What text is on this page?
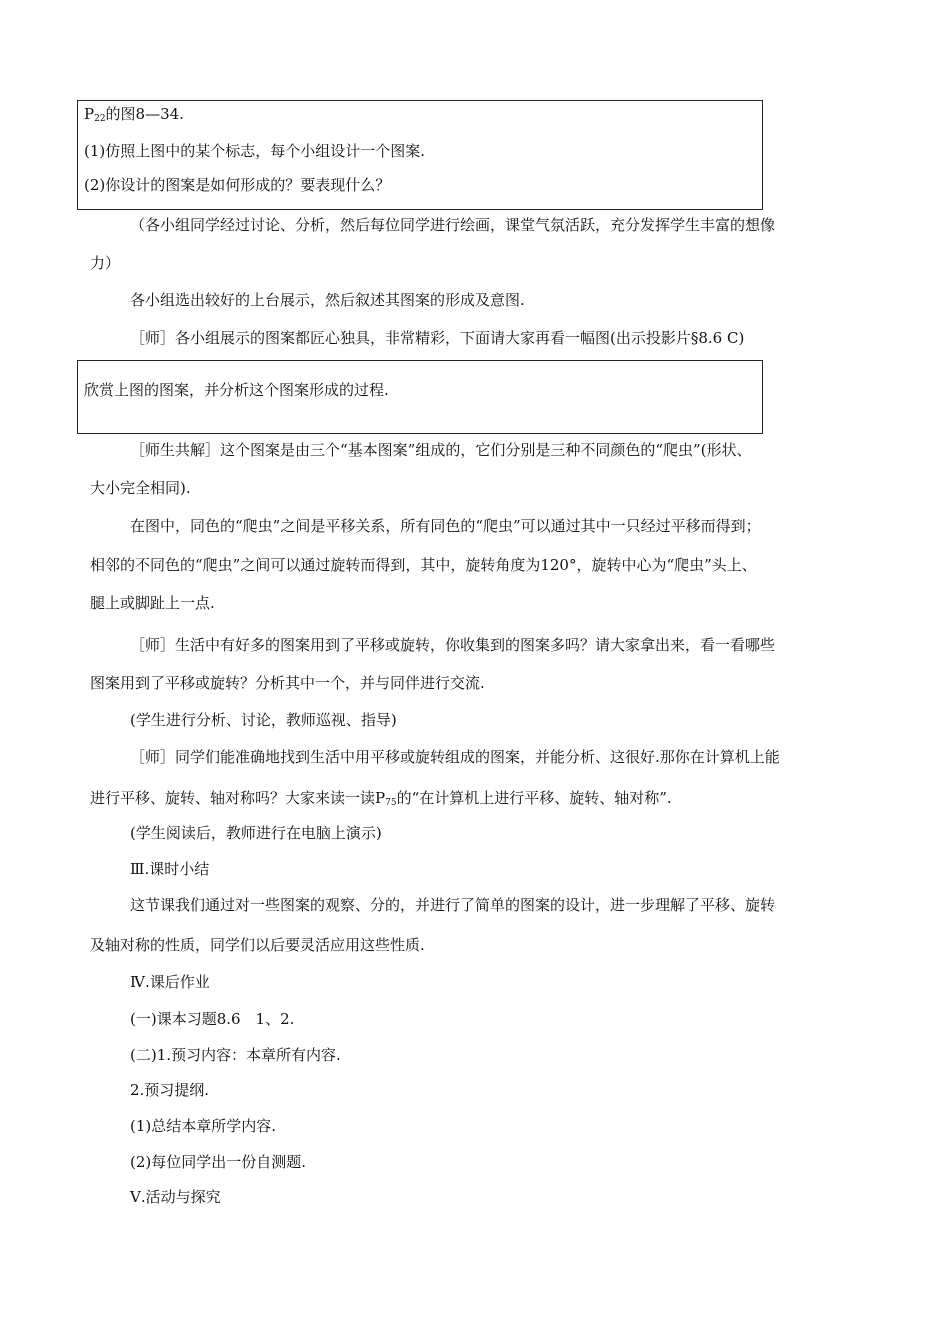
$P_{22}$的图8—34.
(1)仿照上图中的某个标志，每个小组设计一个图案.
(2)你设计的图案是如何形成的？要表现什么？
（各小组同学经过讨论、分析，然后每位同学进行绘画，课堂气氛活跃，充分发挥学生丰富的想像
力）
各小组选出较好的上台展示，然后叙述其图案的形成及意图.
［师］各小组展示的图案都匠心独具，非常精彩，下面请大家再看一幅图(出示投影片§8.6 C)
欣赏上图的图案，并分析这个图案形成的过程.
［师生共解］这个图案是由三个“基本图案”组成的，它们分别是三种不同颜色的“爬虫”(形状、
大小完全相同).
在图中，同色的“爬虫”之间是平移关系，所有同色的“爬虫”可以通过其中一只经过平移而得到；
相邻的不同色的“爬虫”之间可以通过旋转而得到，其中，旋转角度为120°，旋转中心为“爬虫”头上、
腿上或脚趾上一点.
［师］生活中有好多的图案用到了平移或旋转，你收集到的图案多吗？请大家拿出来，看一看哪些
图案用到了平移或旋转？分析其中一个，并与同伴进行交流.
(学生进行分析、讨论，教师巡视、指导)
［师］同学们能准确地找到生活中用平移或旋转组成的图案，并能分析、这很好.那你在计算机上能
进行平移、旋转、轴对称吗？大家来读一读$P_{75}$的“在计算机上进行平移、旋转、轴对称”.
(学生阅读后，教师进行在电脑上演示)
Ⅲ.课时小结
这节课我们通过对一些图案的观察、分的，并进行了简单的图案的设计，进一步理解了平移、旋转
及轴对称的性质，同学们以后要灵活应用这些性质.
Ⅳ.课后作业
(一)课本习题8.6　1、2.
(二)1.预习内容：本章所有内容.
2.预习提纲.
(1)总结本章所学内容.
(2)每位同学出一份自测题.
Ⅴ.活动与探究
